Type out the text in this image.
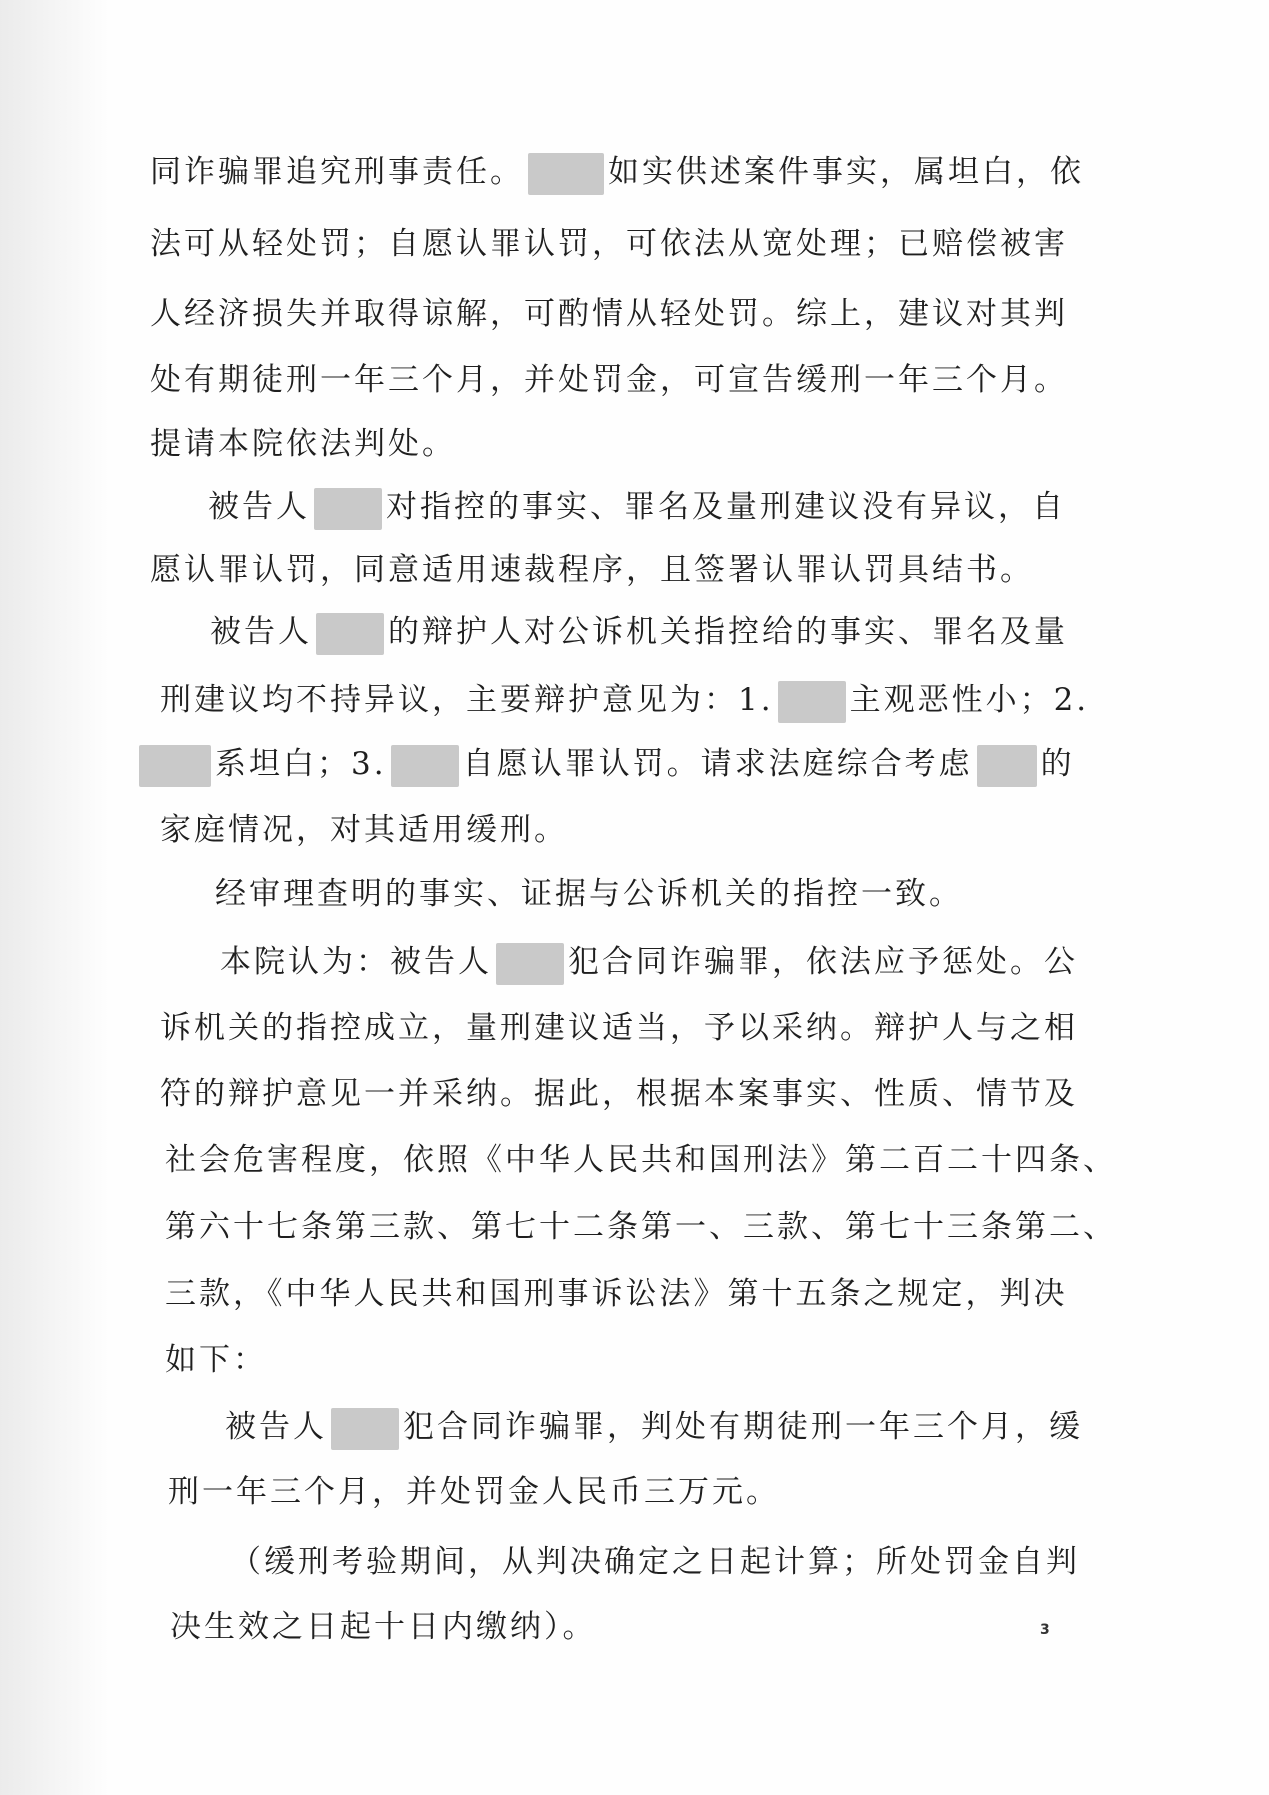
同诈骗罪追究刑事责任。	如实供述案件事实，属坦白，依
法可从轻处罚；自愿认罪认罚，可依法从宽处理；已赔偿被害
人经济损失并取得谅解，可酌情从轻处罚。综上，建议对其判
处有期徒刑一年三个月，并处罚金，可宣告缓刑一年三个月。
提请本院依法判处。
被告人 对指控的事实、罪名及量刑建议没有异议，自
愿认罪认罚，同意适用速裁程序，且签署认罪认罚具结书。
被告人 的辩护人对公诉机关指控给的事实、罪名及量
刑建议均不持异议，主要辩护意见为：1. 主观恶性小；2.
系坦白；3. 自愿认罪认罚。请求法庭综合考虑 的
家庭情况，对其适用缓刑。
经审理查明的事实、证据与公诉机关的指控一致。
本院认为：被告人 犯合同诈骗罪，依法应予惩处。公
诉机关的指控成立，量刑建议适当，予以采纳。辩护人与之相
符的辩护意见一并采纳。据此，根据本案事实、性质、情节及
社会危害程度，依照《中华人民共和国刑法》第二百二十四条、
第六十七条第三款、第七十二条第一、三款、第七十三条第二、
三款，《中华人民共和国刑事诉讼法》第十五条之规定，判决
如下：
被告人 犯合同诈骗罪，判处有期徒刑一年三个月，缓
刑一年三个月，并处罚金人民币三万元。
（缓刑考验期间，从判决确定之日起计算；所处罚金自判
决生效之日起十日内缴纳）。	3
